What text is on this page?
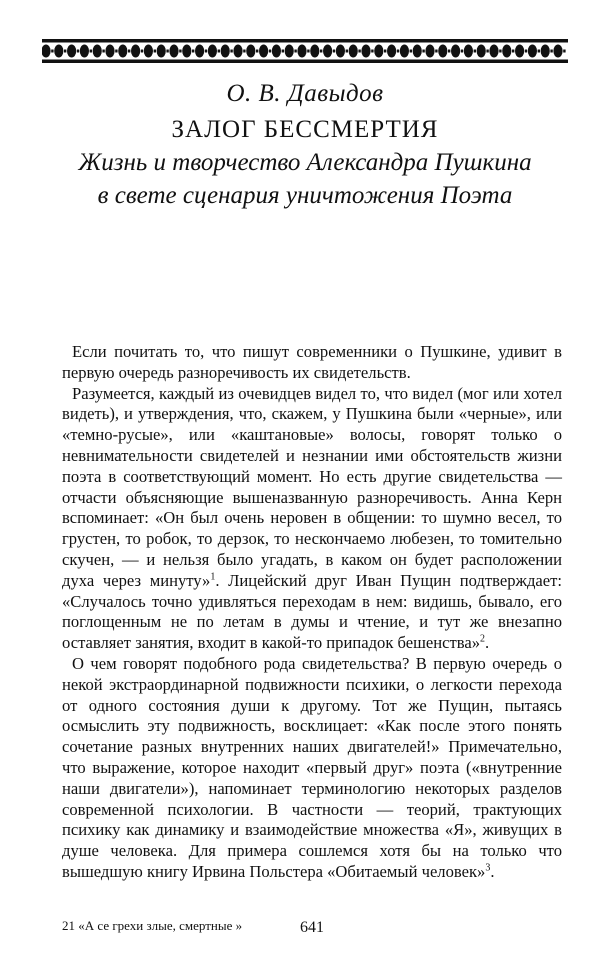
О. В. Давыдов
ЗАЛОГ БЕССМЕРТИЯ
Жизнь и творчество Александра Пушкина
в свете сценария уничтожения Поэта

Если почитать то, что пишут современники о Пушкине, удивит в первую очередь разноречивость их свидетельств.

Разумеется, каждый из очевидцев видел то, что видел (мог или хотел видеть), и утверждения, что, скажем, у Пушкина были «черные», или «темно-русые», или «каштановые» волосы, говорят только о невнимательности свидетелей и незнании ими обстоятельств жизни поэта в соответствующий момент. Но есть другие свидетельства — отчасти объясняющие вышеназванную разноречивость. Анна Керн вспоминает: «Он был очень неровен в общении: то шумно весел, то грустен, то робок, то дерзок, то нескончаемо любезен, то томительно скучен, — и нельзя было угадать, в каком он будет расположении духа через минуту»$^1$. Лицейский друг Иван Пущин подтверждает: «Случалось точно удивляться переходам в нем: видишь, бывало, его поглощенным не по летам в думы и чтение, и тут же внезапно оставляет занятия, входит в какой-то припадок бешенства»$^2$.

О чем говорят подобного рода свидетельства? В первую очередь о некой экстраординарной подвижности психики, о легкости перехода от одного состояния души к другому. Тот же Пущин, пытаясь осмыслить эту подвижность, восклицает: «Как после этого понять сочетание разных внутренних наших двигателей!» Примечательно, что выражение, которое находит «первый друг» поэта («внутренние наши двигатели»), напоминает терминологию некоторых разделов современной психологии. В частности — теорий, трактующих психику как динамику и взаимодействие множества «Я», живущих в душе человека. Для примера сошлемся хотя бы на только что вышедшую книгу Ирвина Польстера «Обитаемый человек»$^3$.

21 «А се грехи злые, смертные »	641
